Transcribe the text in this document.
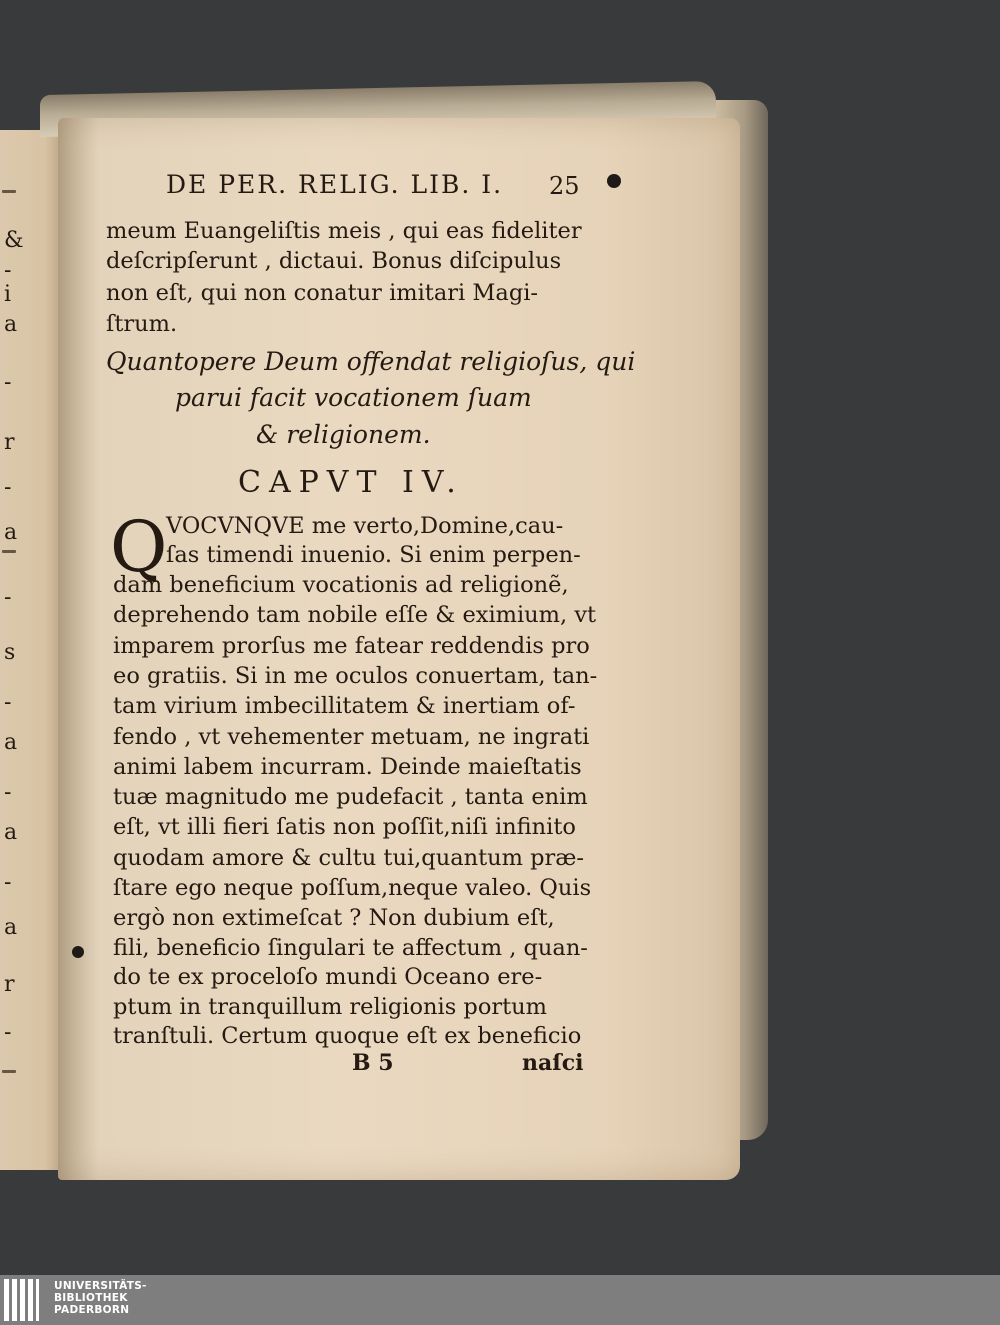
&
-
i
a
-
r
-
a
-
s
-
a
-
a
-
a
r
-
DE PER. RELIG. LIB. I. 25
meum Euangeliſtis meis , qui eas fideliter
deſcripſerunt , dictaui. Bonus diſcipulus
non eſt, qui non conatur imitari Magi-
ſtrum.
Quantopere Deum offendat religioſus, qui
parui facit vocationem ſuam
& religionem.
CAPVT IV.
Q
VOCVNQVE me verto,Domine,cau-
ſas timendi inuenio. Si enim perpen-
dam beneficium vocationis ad religionẽ,
deprehendo tam nobile eſſe & eximium, vt
imparem prorſus me fatear reddendis pro
eo gratiis. Si in me oculos conuertam, tan-
tam virium imbecillitatem & inertiam of-
fendo , vt vehementer metuam, ne ingrati
animi labem incurram. Deinde maieſtatis
tuæ magnitudo me pudefacit , tanta enim
eſt, vt illi fieri ſatis non poſſit,niſi infinito
quodam amore & cultu tui,quantum præ-
ſtare ego neque poſſum,neque valeo. Quis
ergò non extimeſcat ? Non dubium eſt,
fili, beneficio ſingulari te affectum , quan-
do te ex proceloſo mundi Oceano ere-
ptum in tranquillum religionis portum
tranſtuli. Certum quoque eſt ex beneficio
B 5	naſci
UNIVERSITÄTS-
BIBLIOTHEK
PADERBORN
